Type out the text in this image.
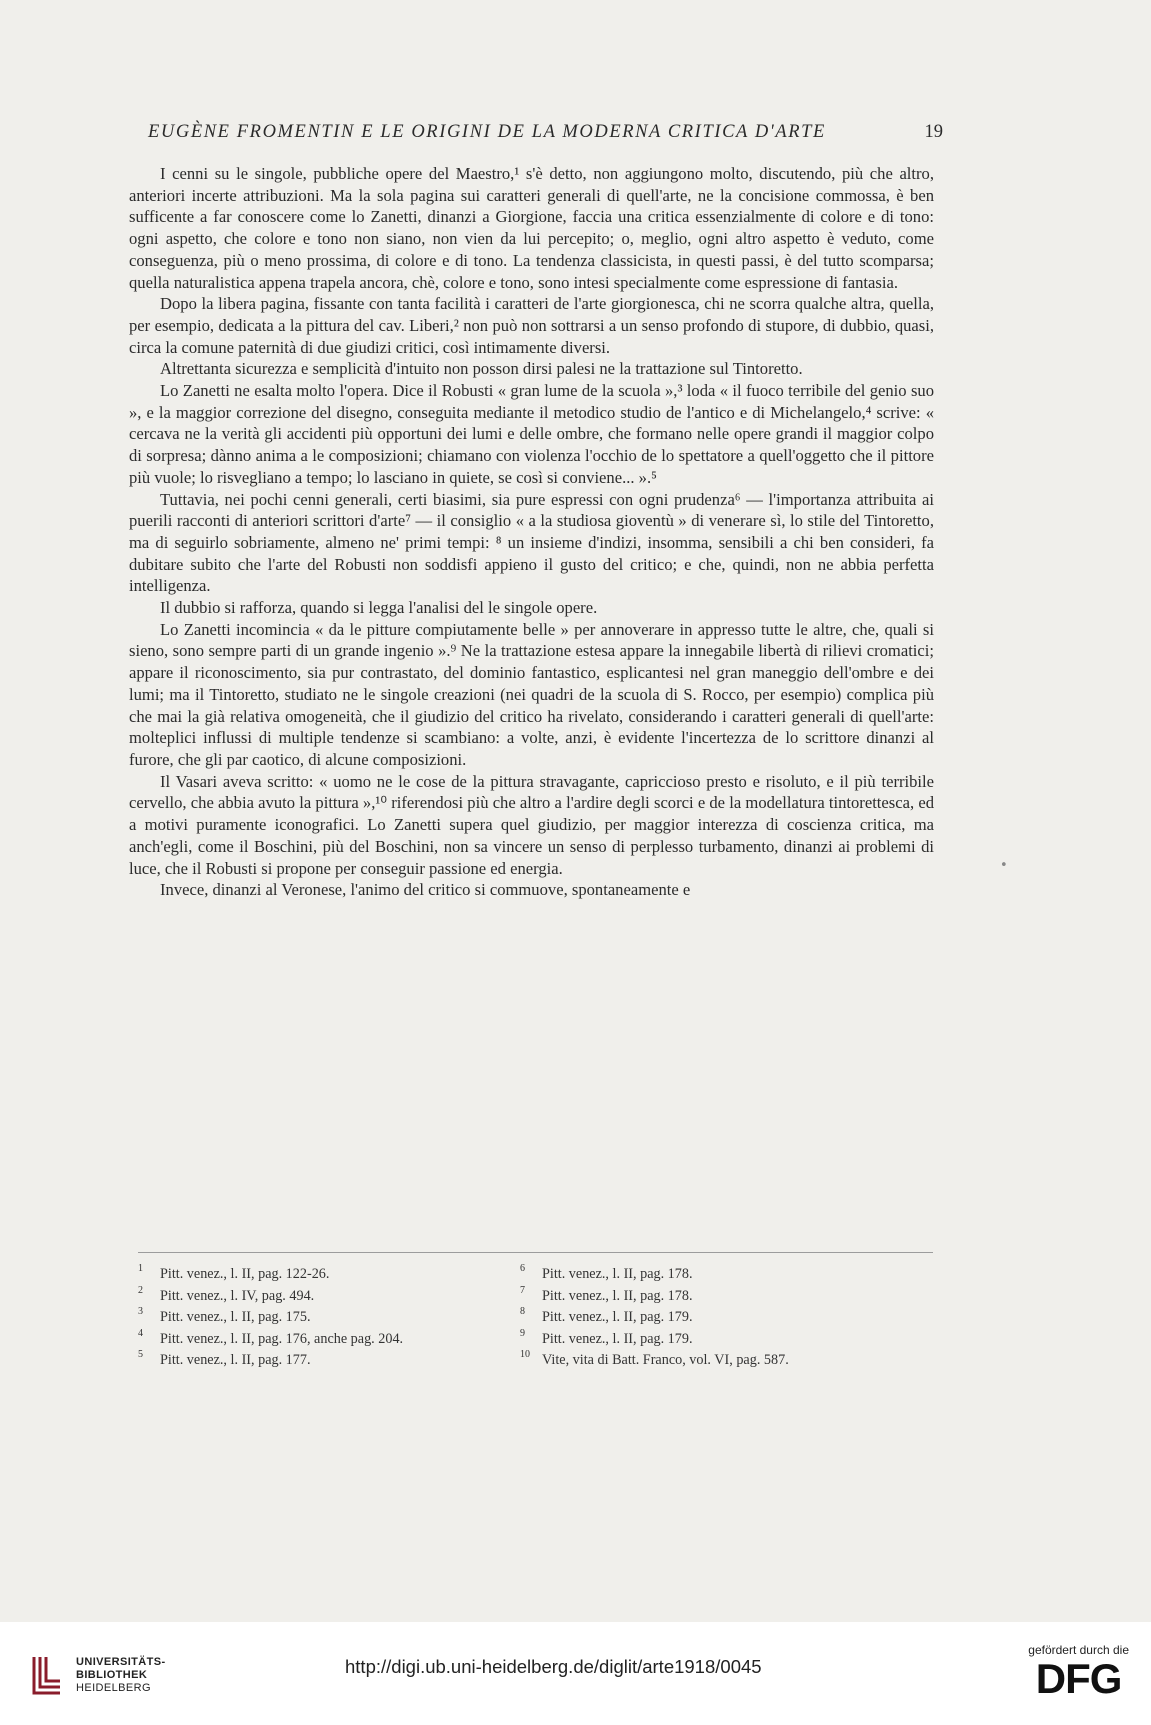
EUGÈNE FROMENTIN E LE ORIGINI DE LA MODERNA CRITICA D'ARTE	19

I cenni su le singole, pubbliche opere del Maestro,¹ s'è detto, non aggiungono molto, discutendo, più che altro, anteriori incerte attribuzioni. Ma la sola pagina sui caratteri generali di quell'arte, ne la concisione commossa, è ben sufficente a far conoscere come lo Zanetti, dinanzi a Giorgione, faccia una critica essenzialmente di colore e di tono: ogni aspetto, che colore e tono non siano, non vien da lui percepito; o, meglio, ogni altro aspetto è veduto, come conseguenza, più o meno prossima, di colore e di tono. La tendenza classicista, in questi passi, è del tutto scomparsa; quella naturalistica appena trapela ancora, chè, colore e tono, sono intesi specialmente come espressione di fantasia.

Dopo la libera pagina, fissante con tanta facilità i caratteri de l'arte giorgionesca, chi ne scorra qualche altra, quella, per esempio, dedicata a la pittura del cav. Liberi,² non può non sottrarsi a un senso profondo di stupore, di dubbio, quasi, circa la comune paternità di due giudizi critici, così intimamente diversi.

Altrettanta sicurezza e semplicità d'intuito non posson dirsi palesi ne la trattazione sul Tintoretto.

Lo Zanetti ne esalta molto l'opera. Dice il Robusti « gran lume de la scuola »,³ loda « il fuoco terribile del genio suo », e la maggior correzione del disegno, conseguita mediante il metodico studio de l'antico e di Michelangelo,⁴ scrive: « cercava ne la verità gli accidenti più opportuni dei lumi e delle ombre, che formano nelle opere grandi il maggior colpo di sorpresa; dànno anima a le composizioni; chiamano con violenza l'occhio de lo spettatore a quell'oggetto che il pittore più vuole; lo risvegliano a tempo; lo lasciano in quiete, se così si conviene... ».⁵

Tuttavia, nei pochi cenni generali, certi biasimi, sia pure espressi con ogni prudenza⁶ — l'importanza attribuita ai puerili racconti di anteriori scrittori d'arte⁷ — il consiglio « a la studiosa gioventù » di venerare sì, lo stile del Tintoretto, ma di seguirlo sobriamente, almeno ne' primi tempi: ⁸ un insieme d'indizi, insomma, sensibili a chi ben consideri, fa dubitare subito che l'arte del Robusti non soddisfi appieno il gusto del critico; e che, quindi, non ne abbia perfetta intelligenza.

Il dubbio si rafforza, quando si legga l'analisi del le singole opere.

Lo Zanetti incomincia « da le pitture compiutamente belle » per annoverare in appresso tutte le altre, che, quali si sieno, sono sempre parti di un grande ingenio ».⁹ Ne la trattazione estesa appare la innegabile libertà di rilievi cromatici; appare il riconoscimento, sia pur contrastato, del dominio fantastico, esplicantesi nel gran maneggio dell'ombre e dei lumi; ma il Tintoretto, studiato ne le singole creazioni (nei quadri de la scuola di S. Rocco, per esempio) complica più che mai la già relativa omogeneità, che il giudizio del critico ha rivelato, considerando i caratteri generali di quell'arte: molteplici influssi di multiple tendenze si scambiano: a volte, anzi, è evidente l'incertezza de lo scrittore dinanzi al furore, che gli par caotico, di alcune composizioni.

Il Vasari aveva scritto: « uomo ne le cose de la pittura stravagante, capriccioso presto e risoluto, e il più terribile cervello, che abbia avuto la pittura »,¹⁰ riferendosi più che altro a l'ardire degli scorci e de la modellatura tintorettesca, ed a motivi puramente iconografici. Lo Zanetti supera quel giudizio, per maggior interezza di coscienza critica, ma anch'egli, come il Boschini, più del Boschini, non sa vincere un senso di perplesso turbamento, dinanzi ai problemi di luce, che il Robusti si propone per conseguir passione ed energia.

Invece, dinanzi al Veronese, l'animo del critico si commuove, spontaneamente e

•
1	Pitt. venez., l. II, pag. 122-26.
2	Pitt. venez., l. IV, pag. 494.
3	Pitt. venez., l. II, pag. 175.
4	Pitt. venez., l. II, pag. 176, anche pag. 204.
5	Pitt. venez., l. II, pag. 177.
6	Pitt. venez., l. II, pag. 178.
7	Pitt. venez., l. II, pag. 178.
8	Pitt. venez., l. II, pag. 179.
9	Pitt. venez., l. II, pag. 179.
10 Vite, vita di Batt. Franco, vol. VI, pag. 587.
UNIVERSITÄTS-
BIBLIOTHEK
HEIDELBERG
http://digi.ub.uni-heidelberg.de/diglit/arte1918/0045
gefördert durch die
DFG
